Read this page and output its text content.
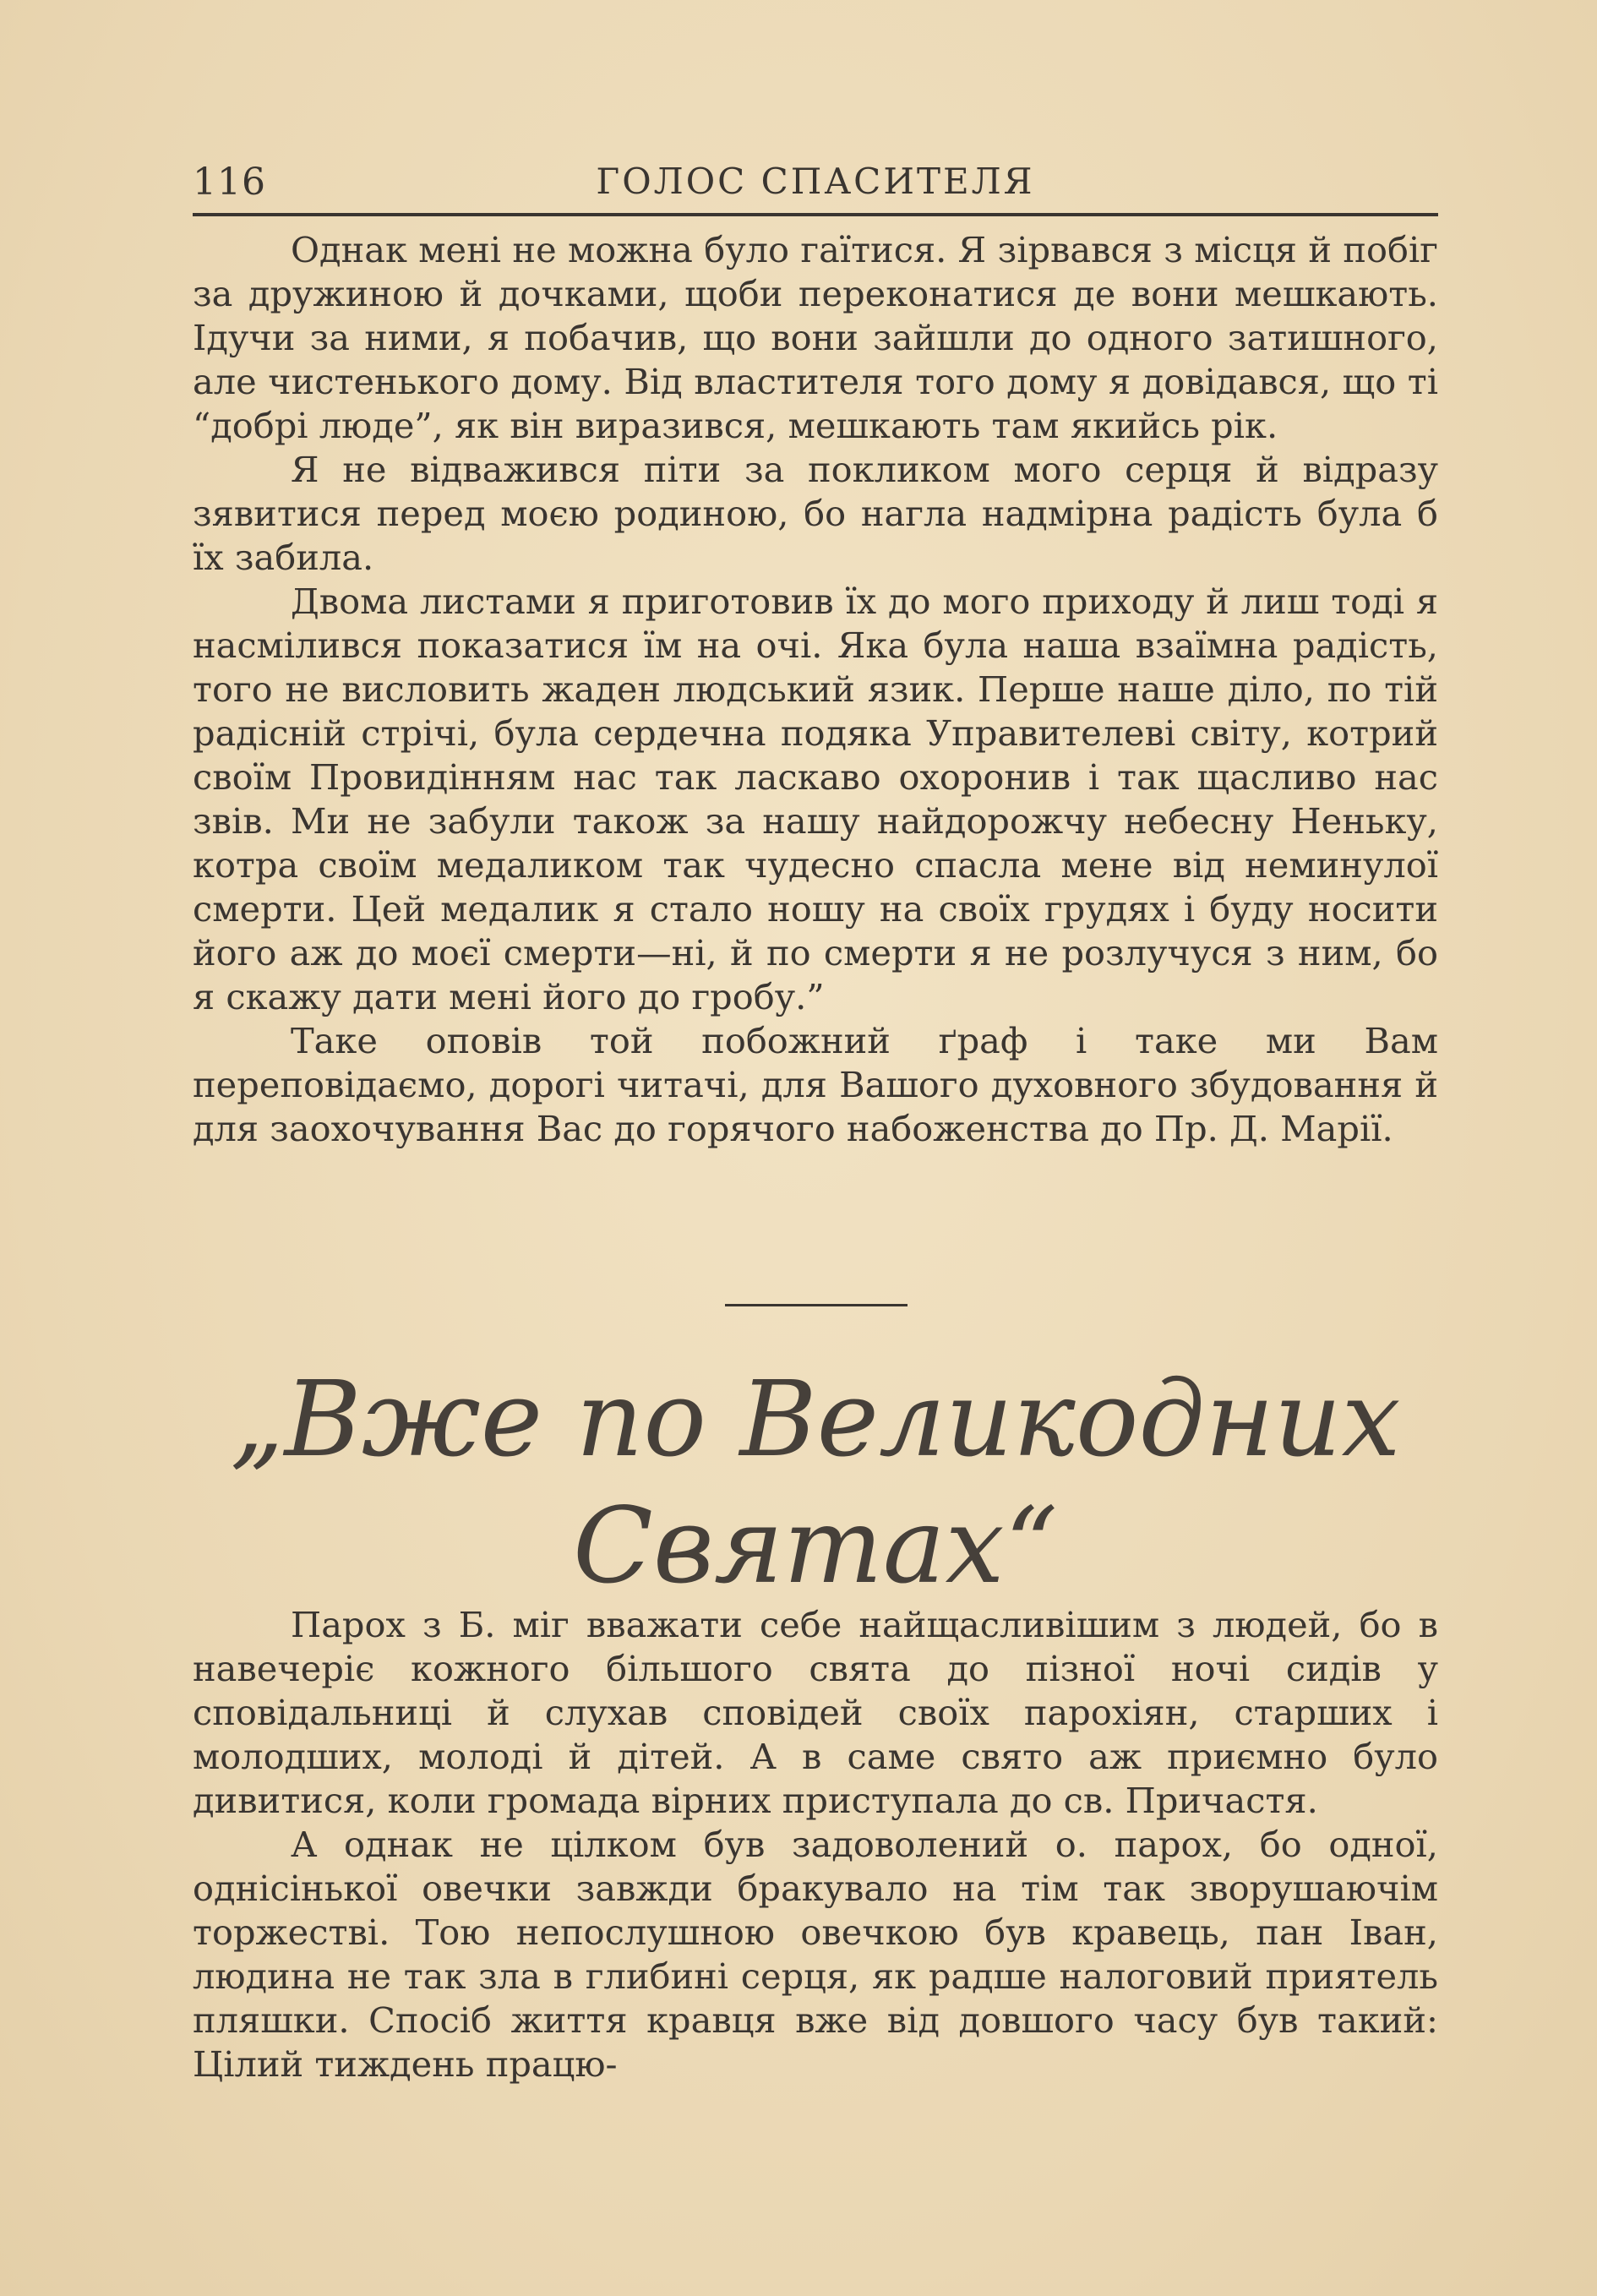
116	ГОЛОС СПАСИТЕЛЯ

Однак мені не можна було гаїтися. Я зірвався з місця й побіг за дружиною й дочками, щоби переконатися де вони мешкають. Ідучи за ними, я побачив, що вони зайшли до одного затишного, але чистенького дому. Від властителя того дому я довідався, що ті “добрі люде”, як він виразився, мешкають там якийсь рік.

Я не відважився піти за покликом мого серця й відразу зявитися перед моєю родиною, бо нагла надмірна радість була б їх забила.

Двома листами я приготовив їх до мого приходу й лиш тоді я насмілився показатися їм на очі. Яка була наша взаїмна радість, того не висловить жаден людський язик. Перше наше діло, по тій радісній стрічі, була сердечна подяка Управителеві світу, котрий своїм Провидінням нас так ласкаво охоронив і так щасливо нас звів. Ми не забули також за нашу найдорожчу небесну Неньку, котра своїм медаликом так чудесно спасла мене від неминулої смерти. Цей медалик я стало ношу на своїх грудях і буду носити його аж до моєї смерти—ні, й по смерти я не розлучуся з ним, бо я скажу дати мені його до гробу.”

Таке оповів той побожний ґраф і таке ми Вам переповідаємо, дорогі читачі, для Вашого духовного збудовання й для заохочування Вас до горячого набоженства до Пр. Д. Марії.

„Вже по Великодних
Святах“

Парох з Б. міг вважати себе найщасливішим з людей, бо в навечеріє кожного більшого свята до пізної ночі сидів у сповідальниці й слухав сповідей своїх парохіян, старших і молодших, молоді й дітей. А в саме свято аж приємно було дивитися, коли громада вірних приступала до св. Причастя.

А однак не цілком був задоволений о. парох, бо одної, однісінької овечки завжди бракувало на тім так зворушаючім торжестві. Тою непослушною овечкою був кравець, пан Іван, людина не так зла в глибині серця, як радше налоговий приятель пляшки. Спосіб життя кравця вже від довшого часу був такий: Цілий тиждень працю-
